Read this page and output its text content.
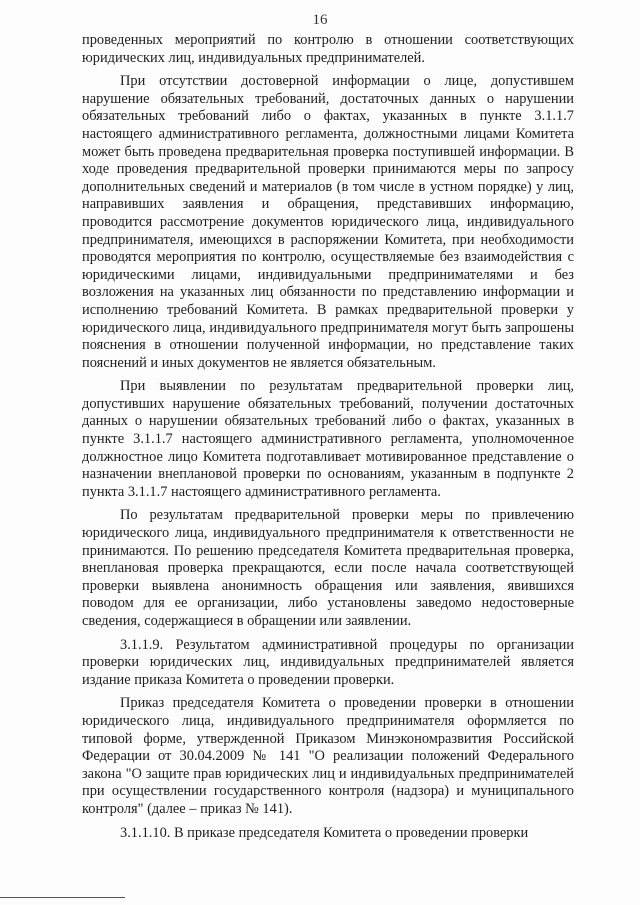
16

проведенных мероприятий по контролю в отношении соответствующих юридических лиц, индивидуальных предпринимателей.

При отсутствии достоверной информации о лице, допустившем нарушение обязательных требований, достаточных данных о нарушении обязательных требований либо о фактах, указанных в пункте 3.1.1.7 настоящего административного регламента, должностными лицами Комитета может быть проведена предварительная проверка поступившей информации. В ходе проведения предварительной проверки принимаются меры по запросу дополнительных сведений и материалов (в том числе в устном порядке) у лиц, направивших заявления и обращения, представивших информацию, проводится рассмотрение документов юридического лица, индивидуального предпринимателя, имеющихся в распоряжении Комитета, при необходимости проводятся мероприятия по контролю, осуществляемые без взаимодействия с юридическими лицами, индивидуальными предпринимателями и без возложения на указанных лиц обязанности по представлению информации и исполнению требований Комитета. В рамках предварительной проверки у юридического лица, индивидуального предпринимателя могут быть запрошены пояснения в отношении полученной информации, но представление таких пояснений и иных документов не является обязательным.

При выявлении по результатам предварительной проверки лиц, допустивших нарушение обязательных требований, получении достаточных данных о нарушении обязательных требований либо о фактах, указанных в пункте 3.1.1.7 настоящего административного регламента, уполномоченное должностное лицо Комитета подготавливает мотивированное представление о назначении внеплановой проверки по основаниям, указанным в подпункте 2 пункта 3.1.1.7 настоящего административного регламента.

По результатам предварительной проверки меры по привлечению юридического лица, индивидуального предпринимателя к ответственности не принимаются. По решению председателя Комитета предварительная проверка, внеплановая проверка прекращаются, если после начала соответствующей проверки выявлена анонимность обращения или заявления, явившихся поводом для ее организации, либо установлены заведомо недостоверные сведения, содержащиеся в обращении или заявлении.

3.1.1.9. Результатом административной процедуры по организации проверки юридических лиц, индивидуальных предпринимателей является издание приказа Комитета о проведении проверки.

Приказ председателя Комитета о проведении проверки в отношении юридического лица, индивидуального предпринимателя оформляется по типовой форме, утвержденной Приказом Минэкономразвития Российской Федерации от 30.04.2009 № 141 "О реализации положений Федерального закона "О защите прав юридических лиц и индивидуальных предпринимателей при осуществлении государственного контроля (надзора) и муниципального контроля" (далее – приказ № 141).

3.1.1.10. В приказе председателя Комитета о проведении проверки
